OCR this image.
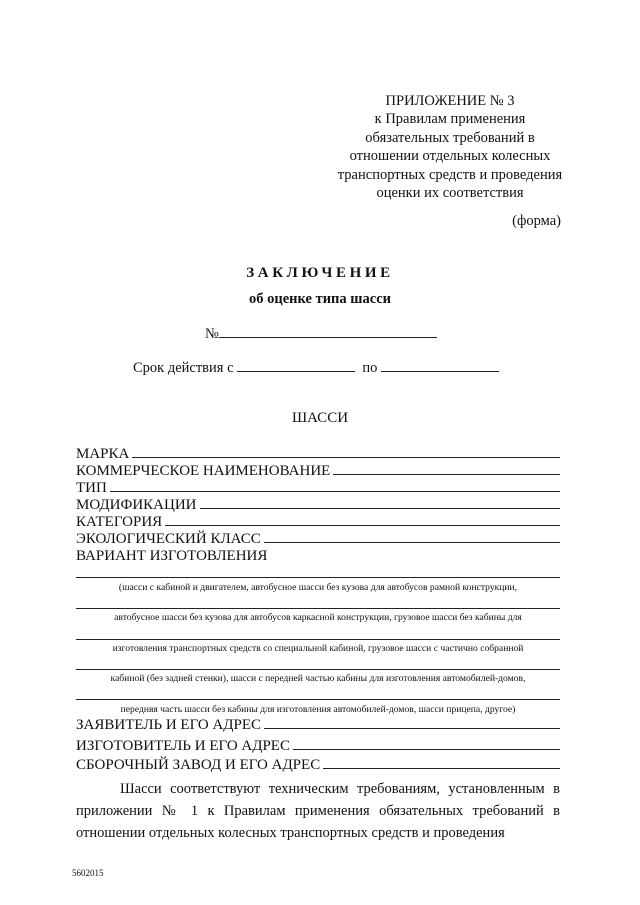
ПРИЛОЖЕНИЕ № 3
к Правилам применения
обязательных требований в
отношении отдельных колесных
транспортных средств и проведения
оценки их соответствия
(форма)
ЗАКЛЮЧЕНИЕ
об оценке типа шасси
№
Срок действия с	по
ШАССИ
МАРКА
КОММЕРЧЕСКОЕ НАИМЕНОВАНИЕ
ТИП
МОДИФИКАЦИИ
КАТЕГОРИЯ
ЭКОЛОГИЧЕСКИЙ КЛАСС
ВАРИАНТ ИЗГОТОВЛЕНИЯ
(шасси с кабиной и двигателем, автобусное шасси без кузова для автобусов рамной конструкции,
автобусное шасси без кузова для автобусов каркасной конструкции, грузовое шасси без кабины для
изготовления транспортных средств со специальной кабиной, грузовое шасси с частично собранной
кабиной (без задней стенки), шасси с передней частью кабины для изготовления автомобилей-домов,
передняя часть шасси без кабины для изготовления автомобилей-домов, шасси прицепа, другое)
ЗАЯВИТЕЛЬ И ЕГО АДРЕС
ИЗГОТОВИТЕЛЬ И ЕГО АДРЕС
СБОРОЧНЫЙ ЗАВОД И ЕГО АДРЕС
Шасси соответствуют техническим требованиям, установленным в приложении № 1 к Правилам применения обязательных требований в отношении отдельных колесных транспортных средств и проведения
5602015
